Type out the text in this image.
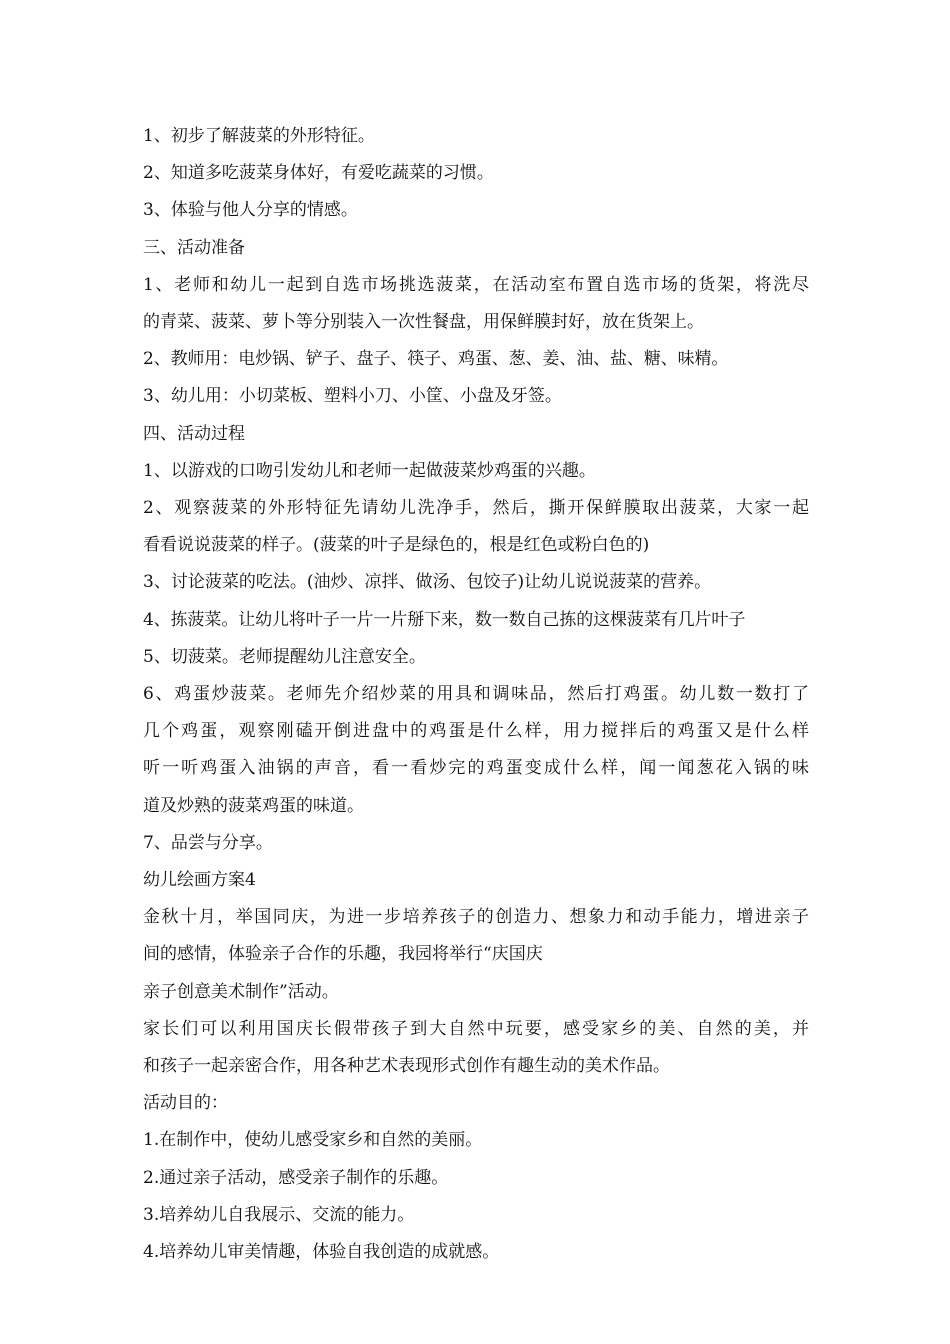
1、初步了解菠菜的外形特征。
2、知道多吃菠菜身体好，有爱吃蔬菜的习惯。
3、体验与他人分享的情感。
三、活动准备
1、老师和幼儿一起到自选市场挑选菠菜，在活动室布置自选市场的货架，将洗尽
的青菜、菠菜、萝卜等分别装入一次性餐盘，用保鲜膜封好，放在货架上。
2、教师用：电炒锅、铲子、盘子、筷子、鸡蛋、葱、姜、油、盐、糖、味精。
3、幼儿用：小切菜板、塑料小刀、小筐、小盘及牙签。
四、活动过程
1、以游戏的口吻引发幼儿和老师一起做菠菜炒鸡蛋的兴趣。
2、观察菠菜的外形特征先请幼儿洗净手，然后，撕开保鲜膜取出菠菜，大家一起
看看说说菠菜的样子。(菠菜的叶子是绿色的，根是红色或粉白色的)
3、讨论菠菜的吃法。(油炒、凉拌、做汤、包饺子)让幼儿说说菠菜的营养。
4、拣菠菜。让幼儿将叶子一片一片掰下来，数一数自己拣的这棵菠菜有几片叶子
5、切菠菜。老师提醒幼儿注意安全。
6、鸡蛋炒菠菜。老师先介绍炒菜的用具和调味品，然后打鸡蛋。幼儿数一数打了
几个鸡蛋，观察刚磕开倒进盘中的鸡蛋是什么样，用力搅拌后的鸡蛋又是什么样
听一听鸡蛋入油锅的声音，看一看炒完的鸡蛋变成什么样，闻一闻葱花入锅的味
道及炒熟的菠菜鸡蛋的味道。
7、品尝与分享。
幼儿绘画方案4
金秋十月，举国同庆，为进一步培养孩子的创造力、想象力和动手能力，增进亲子
间的感情，体验亲子合作的乐趣，我园将举行“庆国庆
亲子创意美术制作”活动。
家长们可以利用国庆长假带孩子到大自然中玩要，感受家乡的美、自然的美，并
和孩子一起亲密合作，用各种艺术表现形式创作有趣生动的美术作品。
活动目的：
1.在制作中，使幼儿感受家乡和自然的美丽。
2.通过亲子活动，感受亲子制作的乐趣。
3.培养幼儿自我展示、交流的能力。
4.培养幼儿审美情趣，体验自我创造的成就感。
